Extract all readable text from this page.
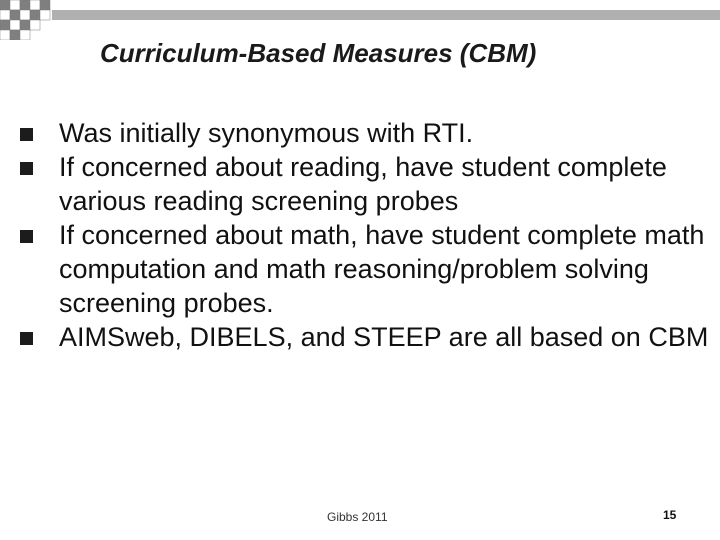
Curriculum-Based Measures (CBM)
Was initially synonymous with RTI.
If concerned about reading, have student complete various reading screening probes
If concerned about math, have student complete math computation and math reasoning/problem solving screening probes.
AIMSweb, DIBELS, and STEEP are all based on CBM
Gibbs 2011	15
